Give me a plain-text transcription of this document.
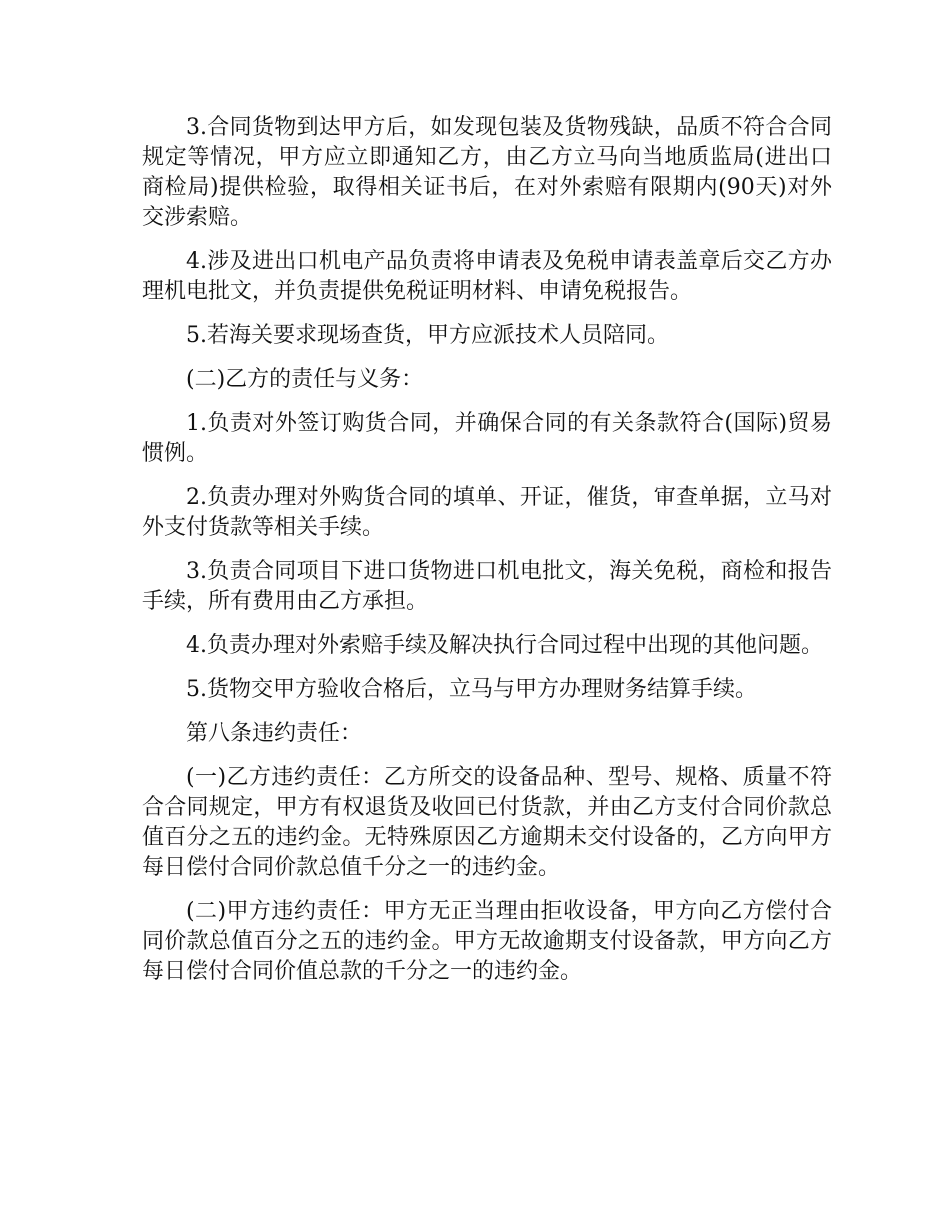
3.合同货物到达甲方后，如发现包装及货物残缺，品质不符合合同规定等情况，甲方应立即通知乙方，由乙方立马向当地质监局(进出口商检局)提供检验，取得相关证书后，在对外索赔有限期内(90天)对外交涉索赔。

4.涉及进出口机电产品负责将申请表及免税申请表盖章后交乙方办理机电批文，并负责提供免税证明材料、申请免税报告。

5.若海关要求现场查货，甲方应派技术人员陪同。

(二)乙方的责任与义务：

1.负责对外签订购货合同，并确保合同的有关条款符合(国际)贸易惯例。

2.负责办理对外购货合同的填单、开证，催货，审查单据，立马对外支付货款等相关手续。

3.负责合同项目下进口货物进口机电批文，海关免税，商检和报告手续，所有费用由乙方承担。

4.负责办理对外索赔手续及解决执行合同过程中出现的其他问题。

5.货物交甲方验收合格后，立马与甲方办理财务结算手续。

第八条违约责任：

(一)乙方违约责任：乙方所交的设备品种、型号、规格、质量不符合合同规定，甲方有权退货及收回已付货款，并由乙方支付合同价款总值百分之五的违约金。无特殊原因乙方逾期未交付设备的，乙方向甲方每日偿付合同价款总值千分之一的违约金。

(二)甲方违约责任：甲方无正当理由拒收设备，甲方向乙方偿付合同价款总值百分之五的违约金。甲方无故逾期支付设备款，甲方向乙方每日偿付合同价值总款的千分之一的违约金。
